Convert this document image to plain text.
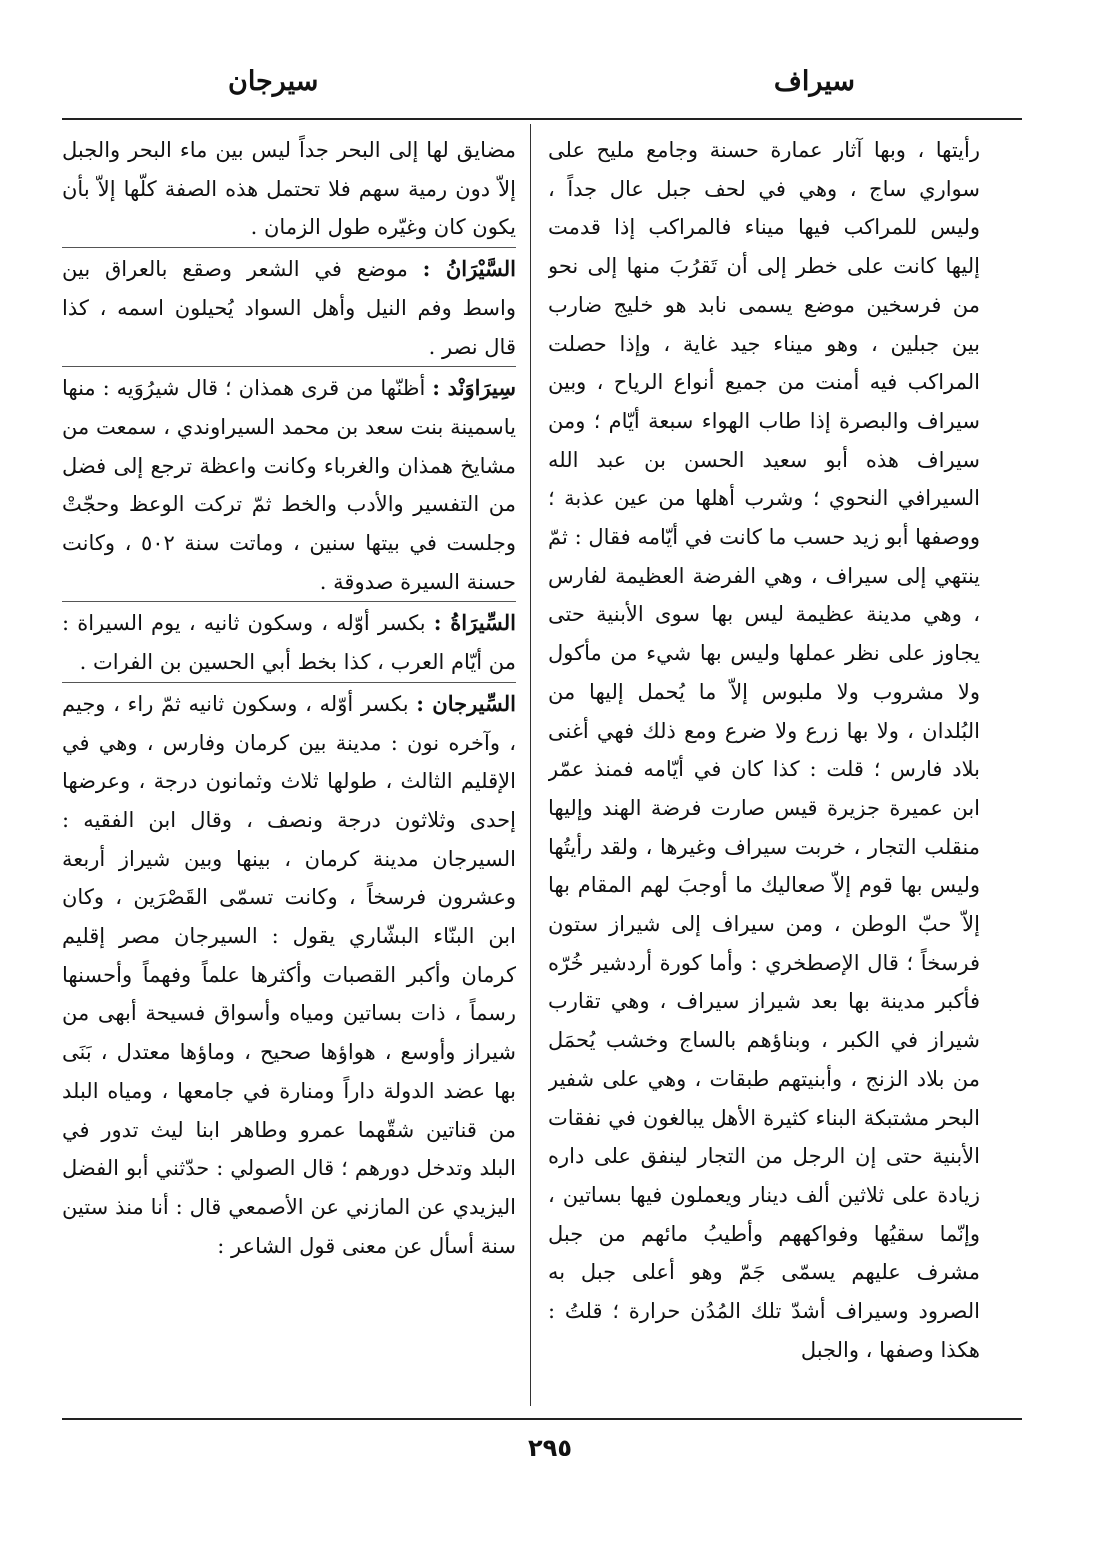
سيراف
سيرجان

رأيتها ، وبها آثار عمارة حسنة وجامع مليح على سواري ساج ، وهي في لحف جبل عال جداً ، وليس للمراكب فيها ميناء فالمراكب إذا قدمت إليها كانت على خطر إلى أن تَقرُبَ منها إلى نحو من فرسخين موضع يسمى نابد هو خليج ضارب بين جبلين ، وهو ميناء جيد غاية ، وإذا حصلت المراكب فيه أمنت من جميع أنواع الرياح ، وبين سيراف والبصرة إذا طاب الهواء سبعة أيّام ؛ ومن سيراف هذه أبو سعيد الحسن بن عبد الله السيرافي النحوي ؛ وشرب أهلها من عين عذبة ؛ ووصفها أبو زيد حسب ما كانت في أيّامه فقال : ثمّ ينتهي إلى سيراف ، وهي الفرضة العظيمة لفارس ، وهي مدينة عظيمة ليس بها سوى الأبنية حتى يجاوز على نظر عملها وليس بها شيء من مأكول ولا مشروب ولا ملبوس إلاّ ما يُحمل إليها من البُلدان ، ولا بها زرع ولا ضرع ومع ذلك فهي أغنى بلاد فارس ؛ قلت : كذا كان في أيّامه فمنذ عمّر ابن عميرة جزيرة قيس صارت فرضة الهند وإليها منقلب التجار ، خربت سيراف وغيرها ، ولقد رأيتُها وليس بها قوم إلاّ صعاليك ما أوجبَ لهم المقام بها إلاّ حبّ الوطن ، ومن سيراف إلى شيراز ستون فرسخاً ؛ قال الإصطخري : وأما كورة أردشير خُرّه فأكبر مدينة بها بعد شيراز سيراف ، وهي تقارب شيراز في الكبر ، وبناؤهم بالساج وخشب يُحمَل من بلاد الزنج ، وأبنيتهم طبقات ، وهي على شفير البحر مشتبكة البناء كثيرة الأهل يبالغون في نفقات الأبنية حتى إن الرجل من التجار لينفق على داره زيادة على ثلاثين ألف دينار ويعملون فيها بساتين ، وإنّما سقيُها وفواكههم وأطيبُ مائهم من جبل مشرف عليهم يسمّى جَمّ وهو أعلى جبل به الصرود وسيراف أشدّ تلك المُدُن حرارة ؛ قلتُ : هكذا وصفها ، والجبل

مضايق لها إلى البحر جداً ليس بين ماء البحر والجبل إلاّ دون رمية سهم فلا تحتمل هذه الصفة كلّها إلاّ بأن يكون كان وغيّره طول الزمان .

السَّيْرَانُ : موضع في الشعر وصقع بالعراق بين واسط وفم النيل وأهل السواد يُحيلون اسمه ، كذا قال نصر .

سِيرَاوَنْد : أظنّها من قرى همذان ؛ قال شيرُوَيه : منها ياسمينة بنت سعد بن محمد السيراوندي ، سمعت من مشايخ همذان والغرباء وكانت واعظة ترجع إلى فضل من التفسير والأدب والخط ثمّ تركت الوعظ وحجّتْ وجلست في بيتها سنين ، وماتت سنة ٥٠٢ ، وكانت حسنة السيرة صدوقة .

السِّيرَاةُ : بكسر أوّله ، وسكون ثانيه ، يوم السيراة : من أيّام العرب ، كذا بخط أبي الحسين بن الفرات .

السِّيرجان : بكسر أوّله ، وسكون ثانيه ثمّ راء ، وجيم ، وآخره نون : مدينة بين كرمان وفارس ، وهي في الإقليم الثالث ، طولها ثلاث وثمانون درجة ، وعرضها إحدى وثلاثون درجة ونصف ، وقال ابن الفقيه : السيرجان مدينة كرمان ، بينها وبين شيراز أربعة وعشرون فرسخاً ، وكانت تسمّى القَصْرَين ، وكان ابن البنّاء البشّاري يقول : السيرجان مصر إقليم كرمان وأكبر القصبات وأكثرها علماً وفهماً وأحسنها رسماً ، ذات بساتين ومياه وأسواق فسيحة أبهى من شيراز وأوسع ، هواؤها صحيح ، وماؤها معتدل ، بَنَى بها عضد الدولة داراً ومنارة في جامعها ، ومياه البلد من قناتين شقّهما عمرو وطاهر ابنا ليث تدور في البلد وتدخل دورهم ؛ قال الصولي : حدّثني أبو الفضل اليزيدي عن المازني عن الأصمعي قال : أنا منذ ستين سنة أسأل عن معنى قول الشاعر :

٢٩٥
